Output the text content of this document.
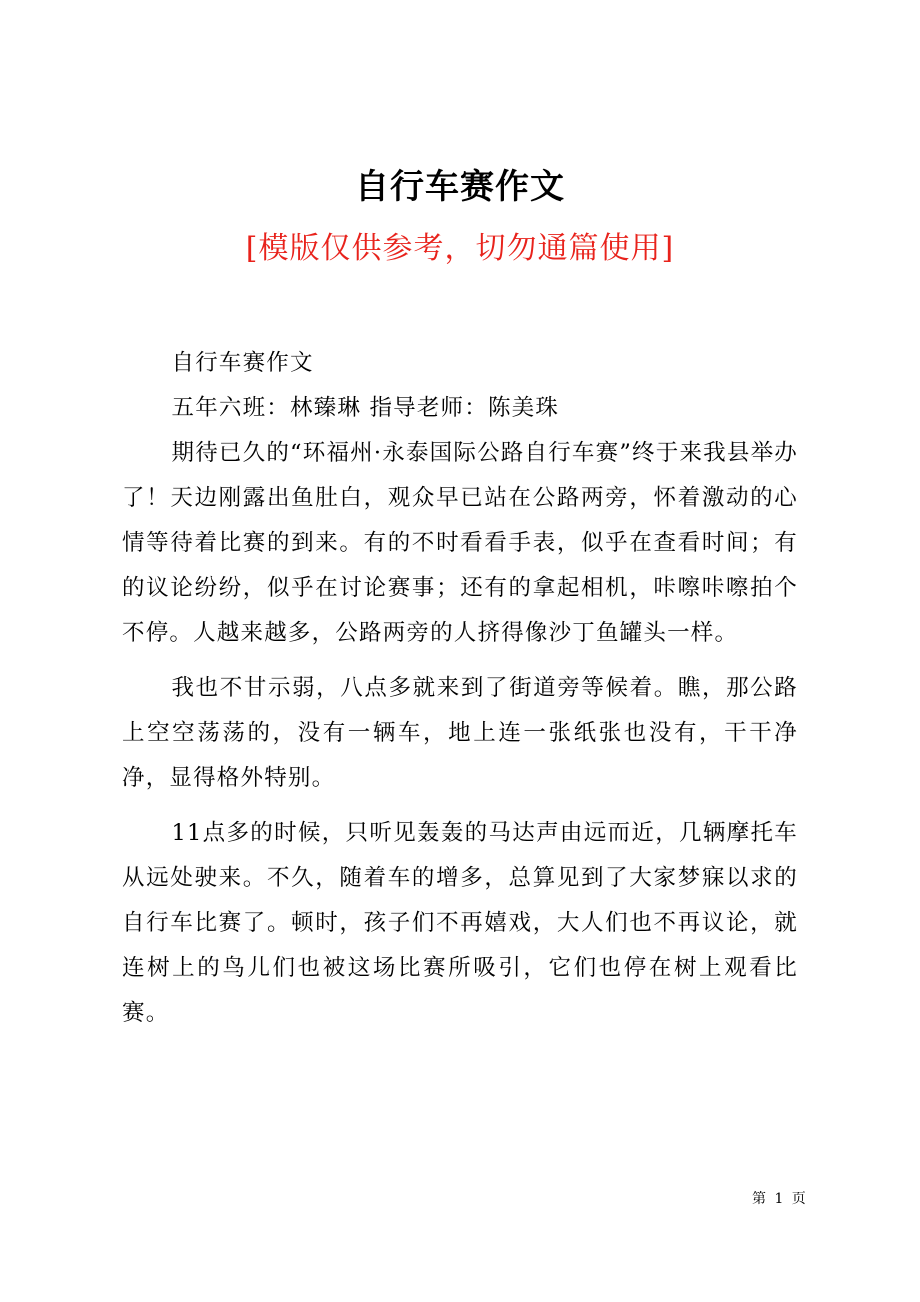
自行车赛作文
[模版仅供参考，切勿通篇使用]

自行车赛作文

五年六班：林臻琳 指导老师：陈美珠

期待已久的“环福州·永泰国际公路自行车赛”终于来我县举办了！天边刚露出鱼肚白，观众早已站在公路两旁，怀着激动的心情等待着比赛的到来。有的不时看看手表，似乎在查看时间；有的议论纷纷，似乎在讨论赛事；还有的拿起相机，咔嚓咔嚓拍个不停。人越来越多，公路两旁的人挤得像沙丁鱼罐头一样。

我也不甘示弱，八点多就来到了街道旁等候着。瞧，那公路上空空荡荡的，没有一辆车，地上连一张纸张也没有，干干净净，显得格外特别。

11点多的时候，只听见轰轰的马达声由远而近，几辆摩托车从远处驶来。不久，随着车的增多，总算见到了大家梦寐以求的自行车比赛了。顿时，孩子们不再嬉戏，大人们也不再议论，就连树上的鸟儿们也被这场比赛所吸引，它们也停在树上观看比赛。

第 1 页
